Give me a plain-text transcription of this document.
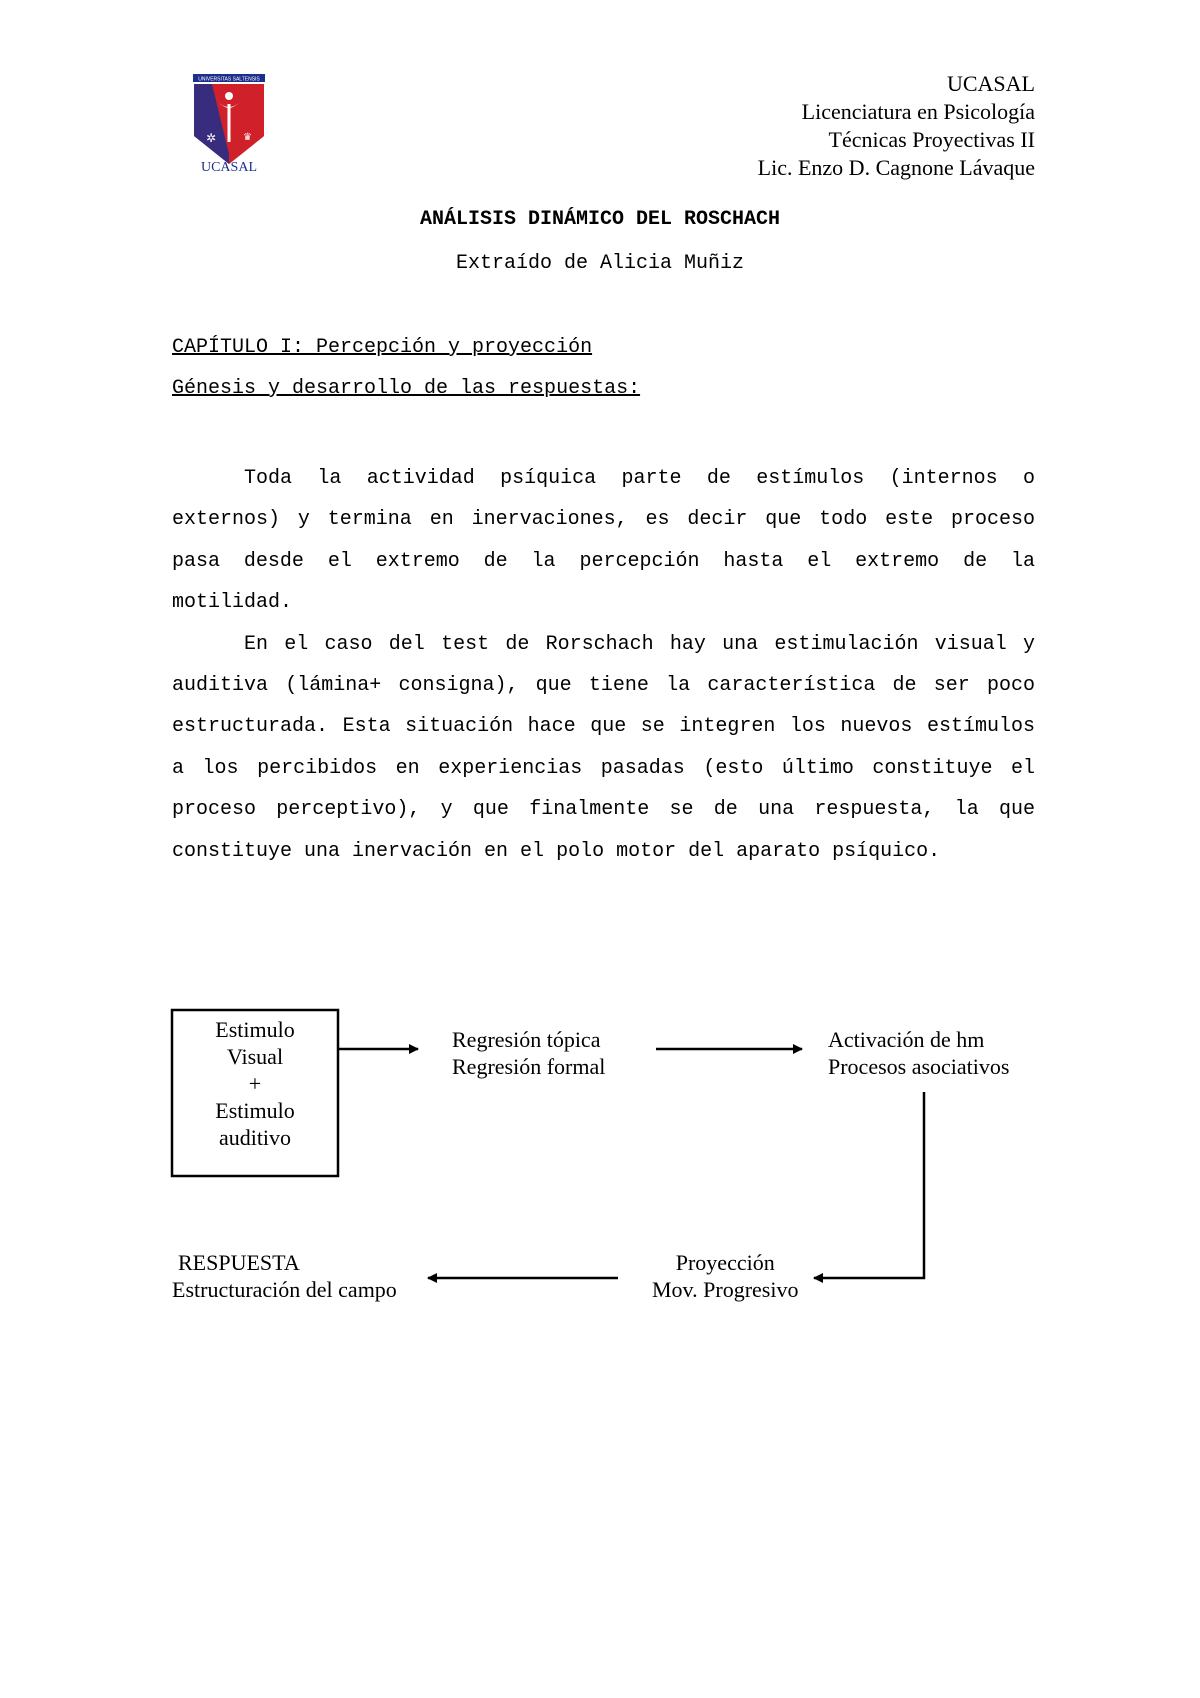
UNIVERSITAS SALTENSIS
✲	♛
UCASAL
UCASAL
Licenciatura en Psicología
Técnicas Proyectivas II
Lic. Enzo D. Cagnone Lávaque
ANÁLISIS DINÁMICO DEL ROSCHACH
Extraído de Alicia Muñiz
CAPÍTULO I: Percepción y proyección
Génesis y desarrollo de las respuestas:

Toda la actividad psíquica parte de estímulos (internos o externos) y termina en inervaciones, es decir que todo este proceso pasa desde el extremo de la percepción hasta el extremo de la motilidad.

En el caso del test de Rorschach hay una estimulación visual y auditiva (lámina+ consigna), que tiene la característica de ser poco estructurada. Esta situación hace que se integren los nuevos estímulos a los percibidos en experiencias pasadas (esto último constituye el proceso perceptivo), y que finalmente se de una respuesta, la que constituye una inervación en el polo motor del aparato psíquico.

Estimulo
Visual
+
Estimulo
auditivo
Regresión tópica
Regresión formal
Activación de hm
Procesos asociativos
RESPUESTA
Estructuración del campo
Proyección
Mov. Progresivo
